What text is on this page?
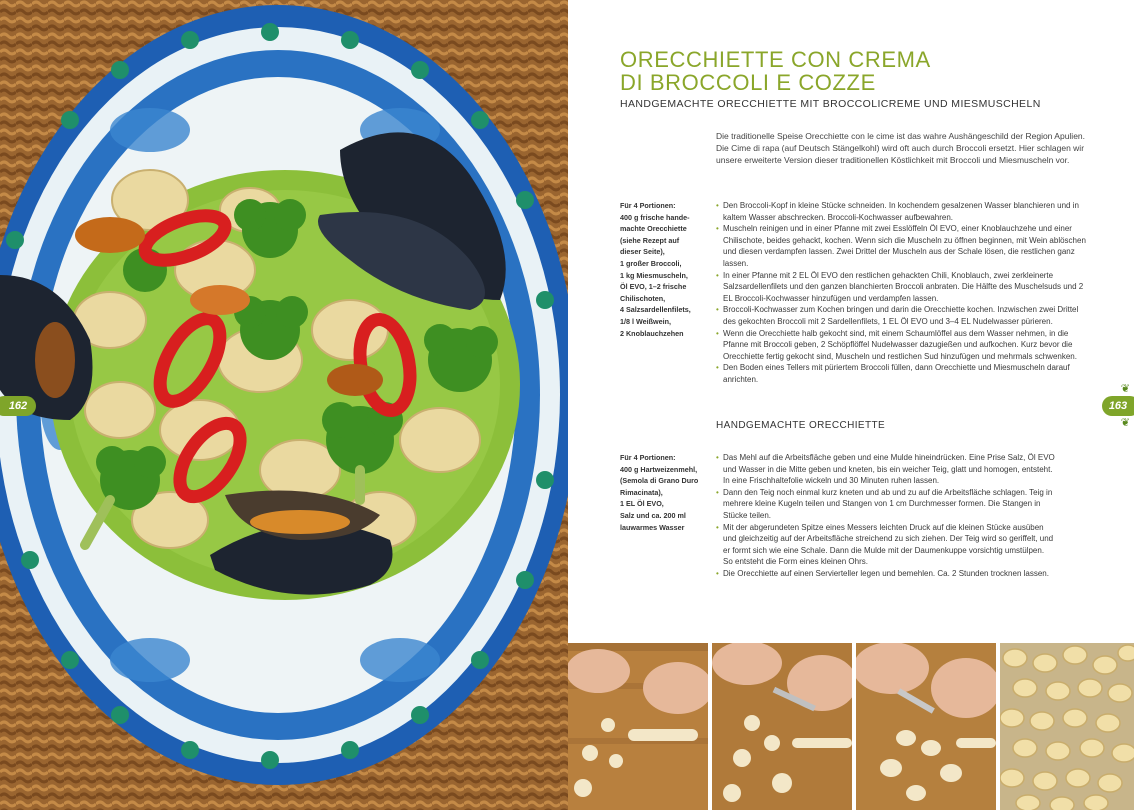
162
ORECCHIETTE CON CREMA
DI BROCCOLI E COZZE

HANDGEMACHTE ORECCHIETTE MIT BROCCOLICREME UND MIESMUSCHELN

Die traditionelle Speise Orecchiette con le cime ist das wahre Aushängeschild der Region Apulien. Die Cime di rapa (auf Deutsch Stängelkohl) wird oft auch durch Broccoli ersetzt. Hier schlagen wir unsere erweiterte Version dieser traditionellen Köstlichkeit mit Broccoli und Miesmuscheln vor.

Für 4 Portionen:
400 g frische hande-
machte Orecchiette
(siehe Rezept auf
dieser Seite),
1 großer Broccoli,
1 kg Miesmuscheln,
Öl EVO, 1–2 frische
Chilischoten,
4 Salzsardellenfilets,
1/8 l Weißwein,
2 Knoblauchzehen
• Den Broccoli-Kopf in kleine Stücke schneiden. In kochendem gesalzenen Wasser blanchieren und in kaltem Wasser abschrecken. Broccoli-Kochwasser aufbewahren.
• Muscheln reinigen und in einer Pfanne mit zwei Esslöffeln Öl EVO, einer Knoblauchzehe und einer Chilischote, beides gehackt, kochen. Wenn sich die Muscheln zu öffnen beginnen, mit Wein ablöschen und diesen verdampfen lassen. Zwei Drittel der Muscheln aus der Schale lösen, die restlichen ganz lassen.
• In einer Pfanne mit 2 EL Öl EVO den restlichen gehackten Chili, Knoblauch, zwei zerkleinerte Salzsardellenfilets und den ganzen blanchierten Broccoli anbraten. Die Hälfte des Muschelsuds und 2 EL Broccoli-Kochwasser hinzufügen und verdampfen lassen.
• Broccoli-Kochwasser zum Kochen bringen und darin die Orecchiette kochen. Inzwischen zwei Drittel des gekochten Broccoli mit 2 Sardellenfilets, 1 EL Öl EVO und 3–4 EL Nudelwasser pürieren.
• Wenn die Orecchiette halb gekocht sind, mit einem Schaumlöffel aus dem Wasser nehmen, in die Pfanne mit Broccoli geben, 2 Schöpflöffel Nudelwasser dazugießen und aufkochen. Kurz bevor die Orecchiette fertig gekocht sind, Muscheln und restlichen Sud hinzufügen und mehrmals schwenken.
• Den Boden eines Tellers mit püriertem Broccoli füllen, dann Orecchiette und Miesmuscheln darauf anrichten.
HANDGEMACHTE ORECCHIETTE
Für 4 Portionen:
400 g Hartweizenmehl,
(Semola di Grano Duro
Rimacinata),
1 EL Öl EVO,
Salz und ca. 200 ml
lauwarmes Wasser
• Das Mehl auf die Arbeitsfläche geben und eine Mulde hineindrücken. Eine Prise Salz, Öl EVO und Wasser in die Mitte geben und kneten, bis ein weicher Teig, glatt und homogen, entsteht. In eine Frischhaltefolie wickeln und 30 Minuten ruhen lassen.
• Dann den Teig noch einmal kurz kneten und ab und zu auf die Arbeitsfläche schlagen. Teig in mehrere kleine Kugeln teilen und Stangen von 1 cm Durchmesser formen. Die Stangen in Stücke teilen.
• Mit der abgerundeten Spitze eines Messers leichten Druck auf die kleinen Stücke ausüben und gleichzeitig auf der Arbeitsfläche streichend zu sich ziehen. Der Teig wird so geriffelt, und er formt sich wie eine Schale. Dann die Mulde mit der Daumenkuppe vorsichtig umstülpen. So entsteht die Form eines kleinen Ohrs.
• Die Orecchiette auf einen Servierteller legen und bemehlen. Ca. 2 Stunden trocknen lassen.
163
❦
❦
